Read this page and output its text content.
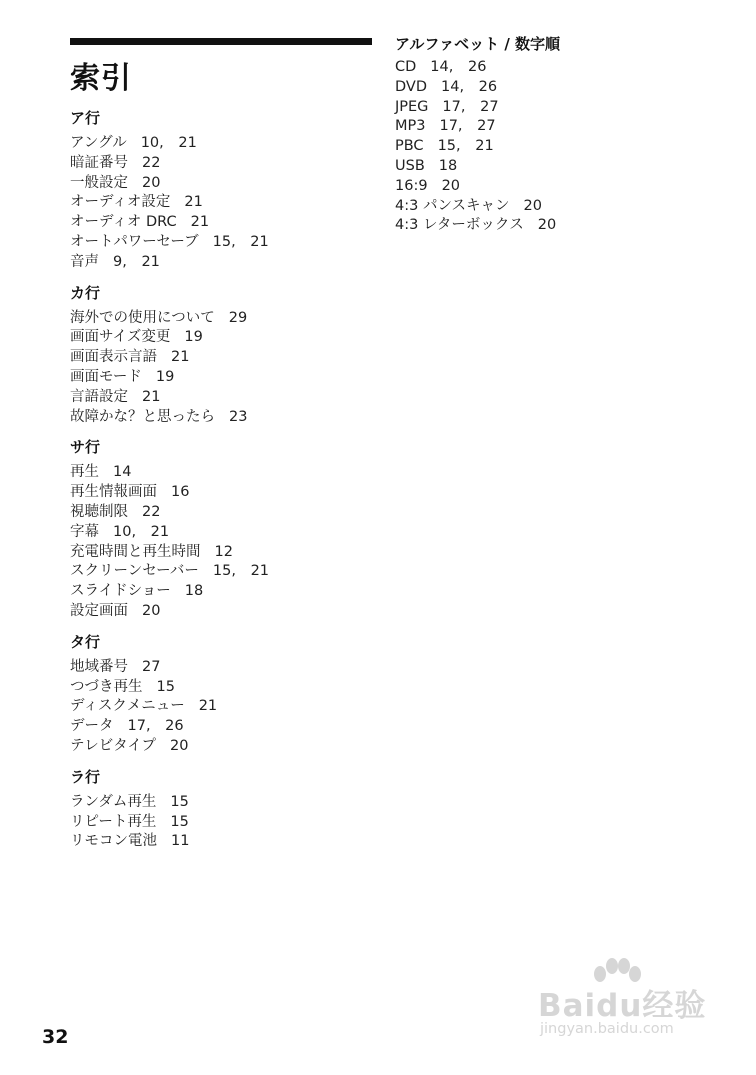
索引
ア行
アングル 10, 21
暗証番号 22
一般設定 20
オーディオ設定 21
オーディオ DRC 21
オートパワーセーブ 15, 21
音声 9, 21
カ行
海外での使用について 29
画面サイズ変更 19
画面表示言語 21
画面モード 19
言語設定 21
故障かな？と思ったら 23
サ行
再生 14
再生情報画面 16
視聴制限 22
字幕 10, 21
充電時間と再生時間 12
スクリーンセーバー 15, 21
スライドショー 18
設定画面 20
タ行
地域番号 27
つづき再生 15
ディスクメニュー 21
データ 17, 26
テレビタイプ 20
ラ行
ランダム再生 15
リピート再生 15
リモコン電池 11
アルファベット / 数字順
CD 14, 26
DVD 14, 26
JPEG 17, 27
MP3 17, 27
PBC 15, 21
USB 18
16:9 20
4:3 パンスキャン 20
4:3 レターボックス 20
32
Baidu经验
jingyan.baidu.com
